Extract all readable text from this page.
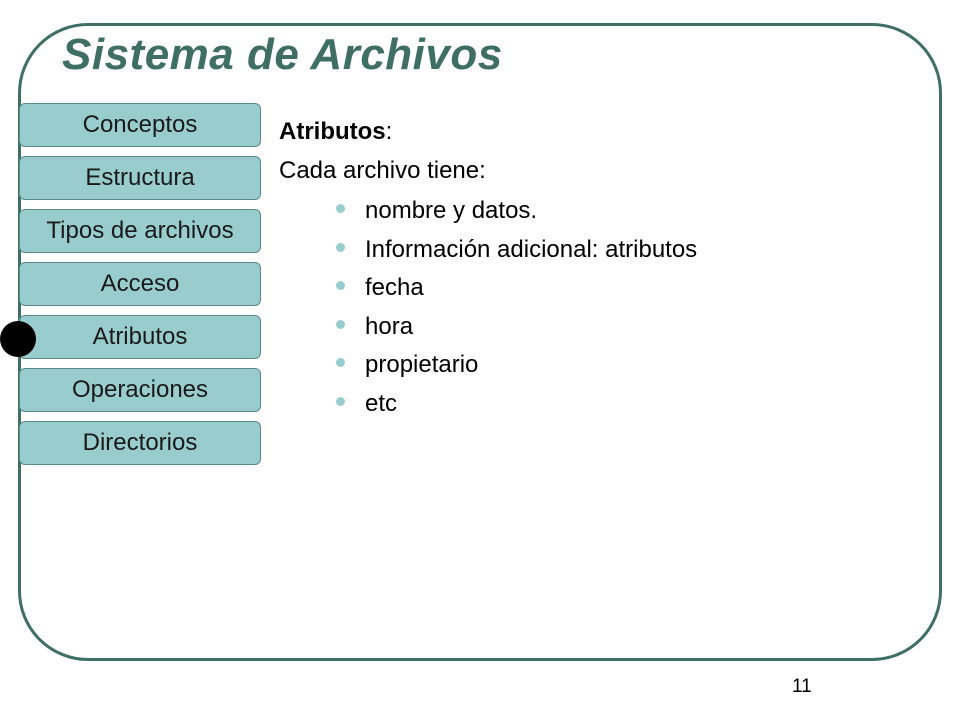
Sistema de Archivos
Conceptos
Estructura
Tipos de archivos
Acceso
Atributos
Operaciones
Directorios
Atributos:
Cada archivo tiene:
nombre y datos.
Información adicional: atributos
fecha
hora
propietario
etc
11
